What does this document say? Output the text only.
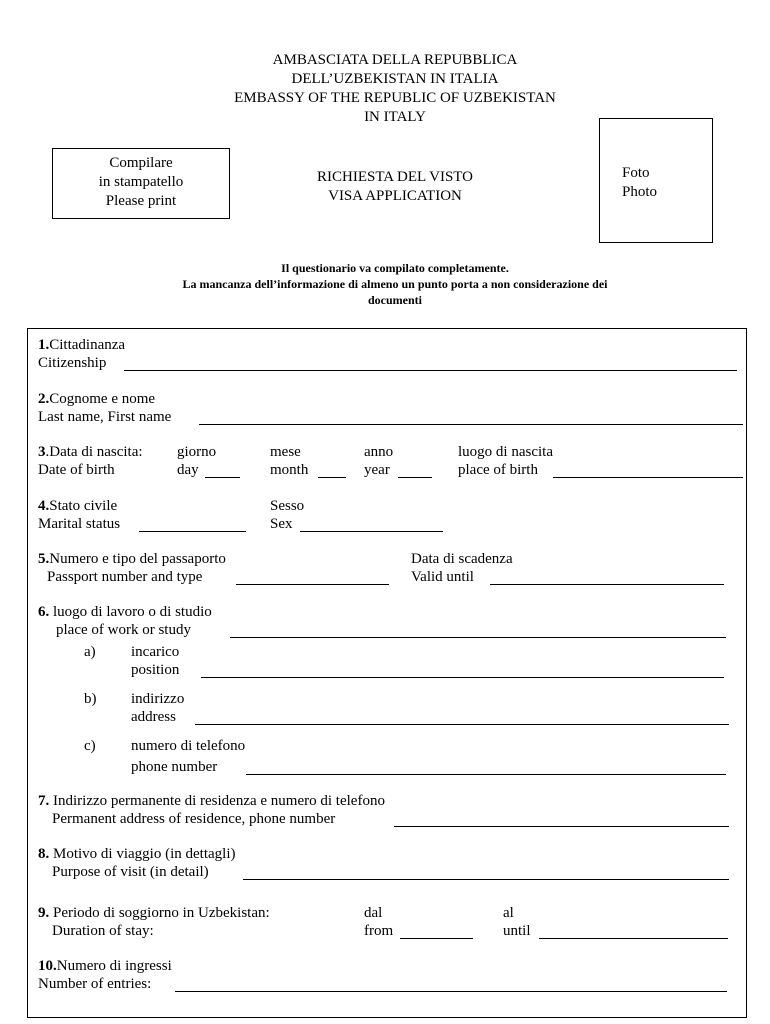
AMBASCIATA DELLA REPUBBLICA
DELL’UZBEKISTAN IN ITALIA
EMBASSY OF THE REPUBLIC OF UZBEKISTAN
IN ITALY
Compilare
in stampatello
Please print
RICHIESTA DEL VISTO
VISA APPLICATION
Foto
Photo
Il questionario va compilato completamente.
La mancanza dell’informazione di almeno un punto porta a non considerazione dei
documenti
1.Cittadinanza
Citizenship
2.Cognome e nome
Last name, First name
3.Data di nascita:
Date of birth
giorno
day
mese
month
anno
year
luogo di nascita
place of birth
4.Stato civile
Marital status
Sesso
Sex
5.Numero e tipo del passaporto
Passport number and type
Data di scadenza
Valid until
6. luogo di lavoro o di studio
place of work or study
a) incarico
position
b) indirizzo
address
c) numero di telefono
phone number
7. Indirizzo permanente di residenza e numero di telefono
Permanent address of residence, phone number
8. Motivo di viaggio (in dettagli)
Purpose of visit (in detail)
9. Periodo di soggiorno in Uzbekistan:
Duration of stay:
dal
from
al
until
10.Numero di ingressi
Number of entries:
